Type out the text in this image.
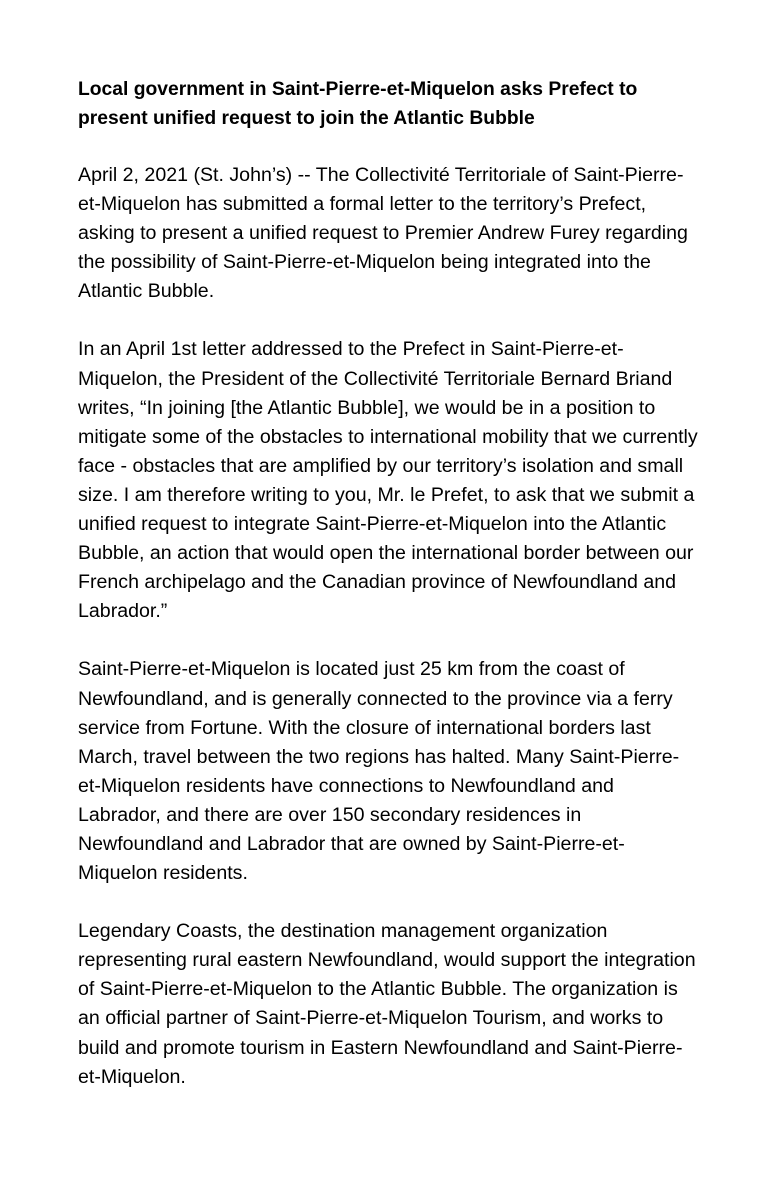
Local government in Saint-Pierre-et-Miquelon asks Prefect to present unified request to join the Atlantic Bubble

April 2, 2021 (St. John’s) -- The Collectivité Territoriale of Saint-Pierre-et-Miquelon has submitted a formal letter to the territory’s Prefect, asking to present a unified request to Premier Andrew Furey regarding the possibility of Saint-Pierre-et-Miquelon being integrated into the Atlantic Bubble.

In an April 1st letter addressed to the Prefect in Saint-Pierre-et-Miquelon, the President of the Collectivité Territoriale Bernard Briand writes, “In joining [the Atlantic Bubble], we would be in a position to mitigate some of the obstacles to international mobility that we currently face - obstacles that are amplified by our territory’s isolation and small size. I am therefore writing to you, Mr. le Prefet, to ask that we submit a unified request to integrate Saint-Pierre-et-Miquelon into the Atlantic Bubble, an action that would open the international border between our French archipelago and the Canadian province of Newfoundland and Labrador.”

Saint-Pierre-et-Miquelon is located just 25 km from the coast of Newfoundland, and is generally connected to the province via a ferry service from Fortune. With the closure of international borders last March, travel between the two regions has halted. Many Saint-Pierre-et-Miquelon residents have connections to Newfoundland and Labrador, and there are over 150 secondary residences in Newfoundland and Labrador that are owned by Saint-Pierre-et-Miquelon residents.

Legendary Coasts, the destination management organization representing rural eastern Newfoundland, would support the integration of Saint-Pierre-et-Miquelon to the Atlantic Bubble. The organization is an official partner of Saint-Pierre-et-Miquelon Tourism, and works to build and promote tourism in Eastern Newfoundland and Saint-Pierre-et-Miquelon.
